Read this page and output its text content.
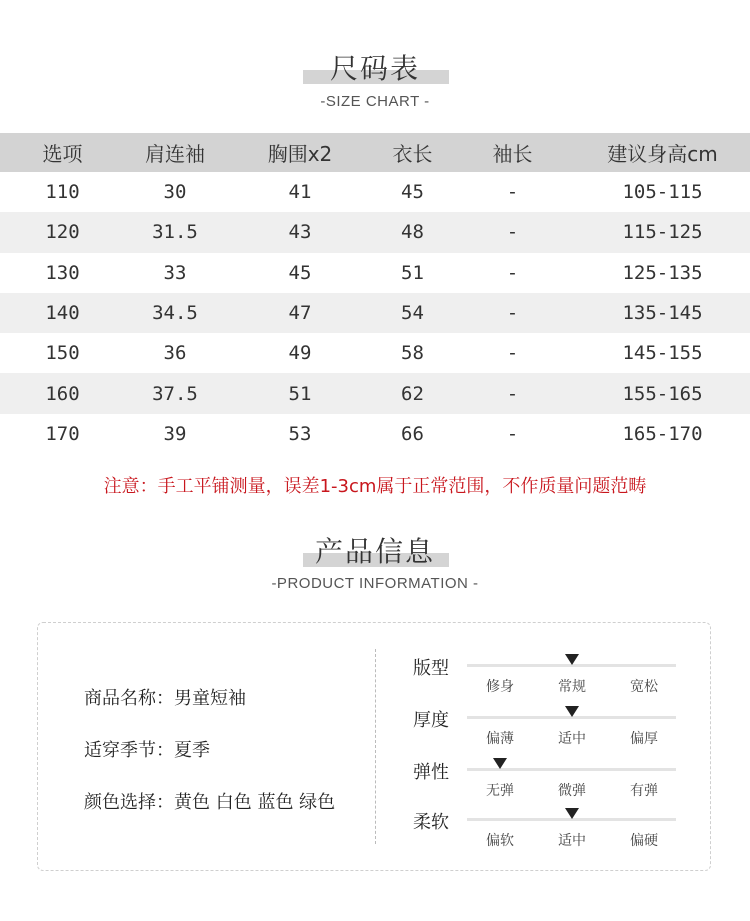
尺码表
-SIZE CHART -
选项	肩连袖	胸围x2	衣长	袖长	建议身高cm
110	30	41	45	-	105-115
120	31.5	43	48	-	115-125
130	33	45	51	-	125-135
140	34.5	47	54	-	135-145
150	36	49	58	-	145-155
160	37.5	51	62	-	155-165
170	39	53	66	-	165-170
注意：手工平铺测量，误差1-3cm属于正常范围，不作质量问题范畴
产品信息
-PRODUCT INFORMATION -
商品名称：男童短袖
适穿季节：夏季
颜色选择：黄色 白色 蓝色 绿色
版型
修身	常规	宽松
厚度
偏薄	适中	偏厚
弹性
无弹	微弹	有弹
柔软
偏软	适中	偏硬
